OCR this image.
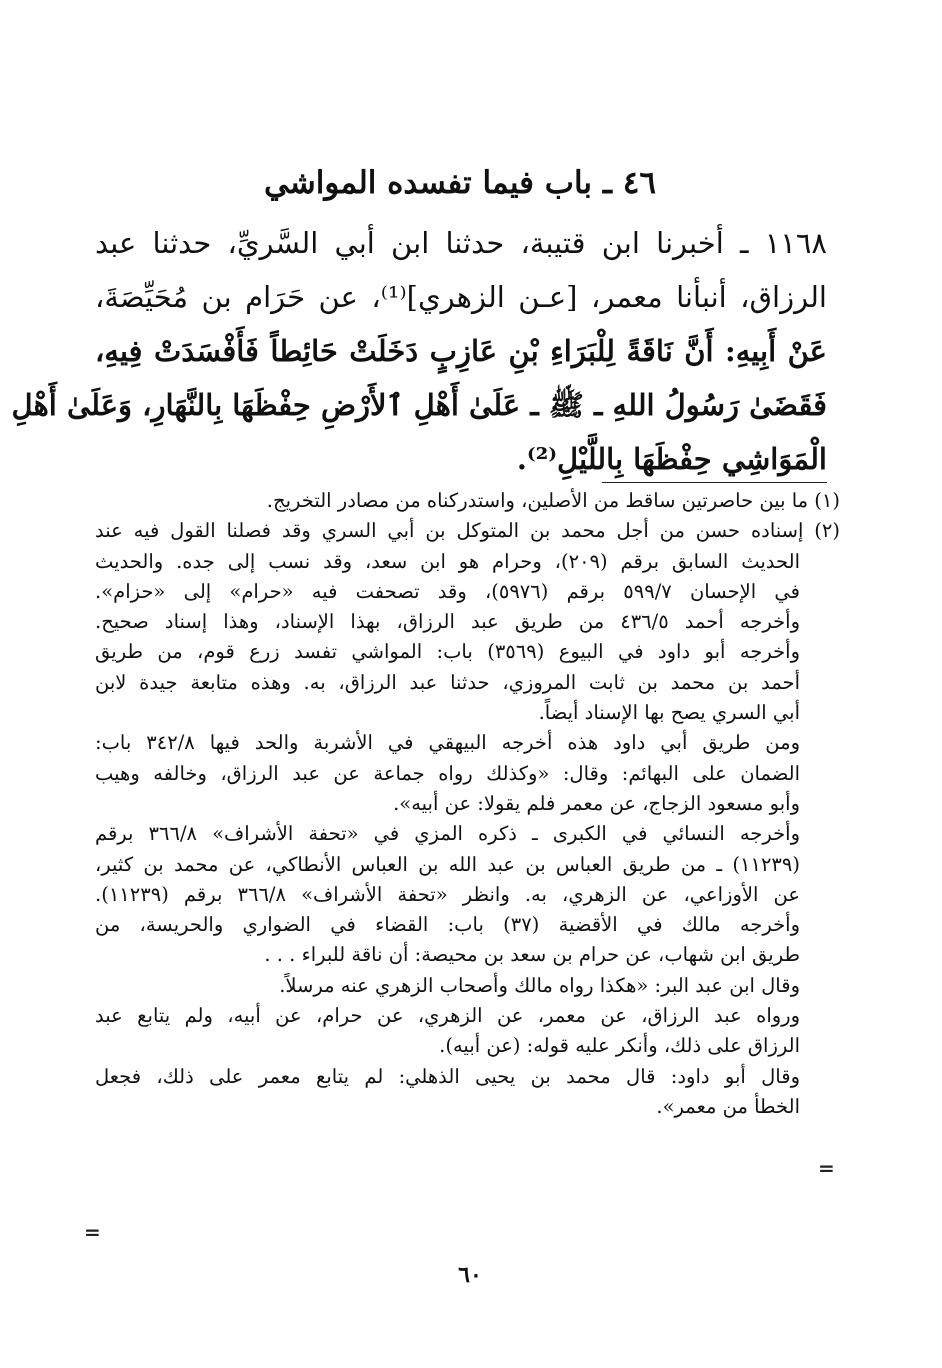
٤٦ ـ باب فيما تفسده المواشي
١١٦٨ ـ أخبرنا ابن قتيبة، حدثنا ابن أبي السَّريِّ، حدثنا عبد
الرزاق، أنبأنا معمر، [عـن الزهري]⁽¹⁾، عن حَرَام بن مُحَيِّصَةَ،
عَنْ أَبِيهِ: أَنَّ نَاقَةً لِلْبَرَاءِ بْنِ عَازِبٍ دَخَلَتْ حَائِطاً فَأَفْسَدَتْ فِيهِ،
فَقَضَىٰ رَسُولُ اللهِ ـ ﷺ ـ عَلَىٰ أَهْلِ ٱلأَرْضِ حِفْظَهَا بِالنَّهَارِ، وَعَلَىٰ أَهْلِ
الْمَوَاشِي حِفْظَهَا بِاللَّيْلِ⁽²⁾.
(١) ما بين حاصرتين ساقط من الأصلين، واستدركناه من مصادر التخريج.
(٢) إسناده حسن من أجل محمد بن المتوكل بن أبي السري وقد فصلنا القول فيه عند
الحديث السابق برقم (٢٠٩)، وحرام هو ابن سعد، وقد نسب إلى جده. والحديث
في الإحسان ٥٩٩/٧ برقم (٥٩٧٦)، وقد تصحفت فيه «حرام» إلى «حزام».
وأخرجه أحمد ٤٣٦/٥ من طريق عبد الرزاق، بهذا الإسناد، وهذا إسناد صحيح.
وأخرجه أبو داود في البيوع (٣٥٦٩) باب: المواشي تفسد زرع قوم، من طريق
أحمد بن محمد بن ثابت المروزي، حدثنا عبد الرزاق، به. وهذه متابعة جيدة لابن
أبي السري يصح بها الإسناد أيضاً.
ومن طريق أبي داود هذه أخرجه البيهقي في الأشربة والحد فيها ٣٤٢/٨ باب:
الضمان على البهائم: وقال: «وكذلك رواه جماعة عن عبد الرزاق، وخالفه وهيب
وأبو مسعود الزجاج، عن معمر فلم يقولا: عن أبيه».
وأخرجه النسائي في الكبرى ـ ذكره المزي في «تحفة الأشراف» ٣٦٦/٨ برقم
(١١٢٣٩) ـ من طريق العباس بن عبد الله بن العباس الأنطاكي، عن محمد بن كثير،
عن الأوزاعي، عن الزهري، به. وانظر «تحفة الأشراف» ٣٦٦/٨ برقم (١١٢٣٩).
وأخرجه مالك في الأقضية (٣٧) باب: القضاء في الضواري والحريسة، من
طريق ابن شهاب، عن حرام بن سعد بن محيصة: أن ناقة للبراء . . .
وقال ابن عبد البر: «هكذا رواه مالك وأصحاب الزهري عنه مرسلاً.
ورواه عبد الرزاق، عن معمر، عن الزهري، عن حرام، عن أبيه، ولم يتابع عبد
الرزاق على ذلك، وأنكر عليه قوله: (عن أبيه).
وقال أبو داود: قال محمد بن يحيى الذهلي: لم يتابع معمر على ذلك، فجعل
الخطأ من معمر».
=
=
٦٠
